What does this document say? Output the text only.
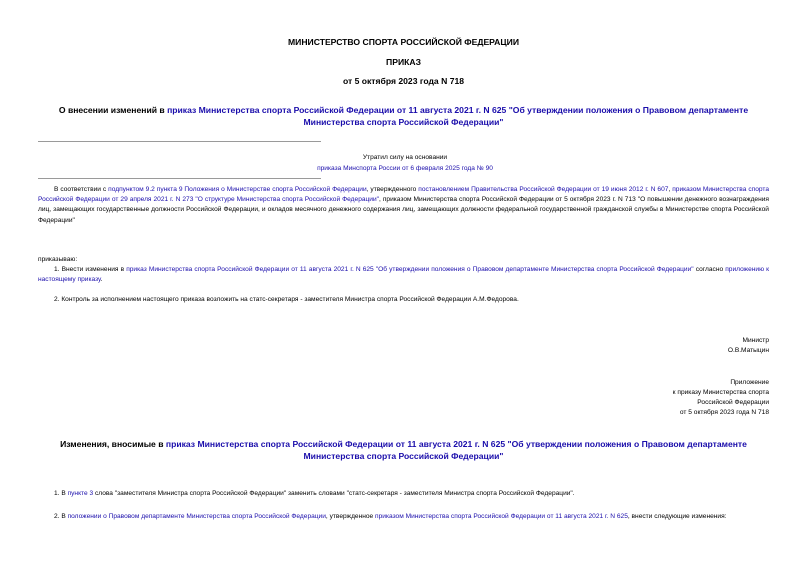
МИНИСТЕРСТВО СПОРТА РОССИЙСКОЙ ФЕДЕРАЦИИ
ПРИКАЗ
от 5 октября 2023 года N 718
О внесении изменений в приказ Министерства спорта Российской Федерации от 11 августа 2021 г. N 625 "Об утверждении положения о Правовом департаменте
Министерства спорта Российской Федерации"
Утратил силу на основании
приказа Минспорта России от 6 февраля 2025 года № 90
В соответствии с подпунктом 9.2 пункта 9 Положения о Министерстве спорта Российской Федерации, утвержденного постановлением Правительства Российской Федерации от 19 июня 2012 г. N 607, приказом Министерства спорта Российской Федерации от 29 апреля 2021 г. N 273 "О структуре Министерства спорта Российской Федерации", приказом Министерства спорта Российской Федерации от 5 октября 2023 г. N 713 "О повышении денежного вознаграждения лиц, замещающих государственные должности Российской Федерации, и окладов месячного денежного содержания лиц, замещающих должности федеральной государственной гражданской службы в Министерстве спорта Российской Федерации"
приказываю:
1. Внести изменения в приказ Министерства спорта Российской Федерации от 11 августа 2021 г. N 625 "Об утверждении положения о Правовом департаменте Министерства спорта Российской Федерации" согласно приложению к настоящему приказу.
2. Контроль за исполнением настоящего приказа возложить на статс-секретаря - заместителя Министра спорта Российской Федерации А.М.Федорова.
Министр
О.В.Матыцин
Приложение
к приказу Министерства спорта
Российской Федерации
от 5 октября 2023 года N 718
Изменения, вносимые в приказ Министерства спорта Российской Федерации от 11 августа 2021 г. N 625 "Об утверждении положения о Правовом департаменте
Министерства спорта Российской Федерации"
1. В пункте 3 слова "заместителя Министра спорта Российской Федерации" заменить словами "статс-секретаря - заместителя Министра спорта Российской Федерации".
2. В положении о Правовом департаменте Министерства спорта Российской Федерации, утвержденное приказом Министерства спорта Российской Федерации от 11 августа 2021 г. N 625, внести следующие изменения:
